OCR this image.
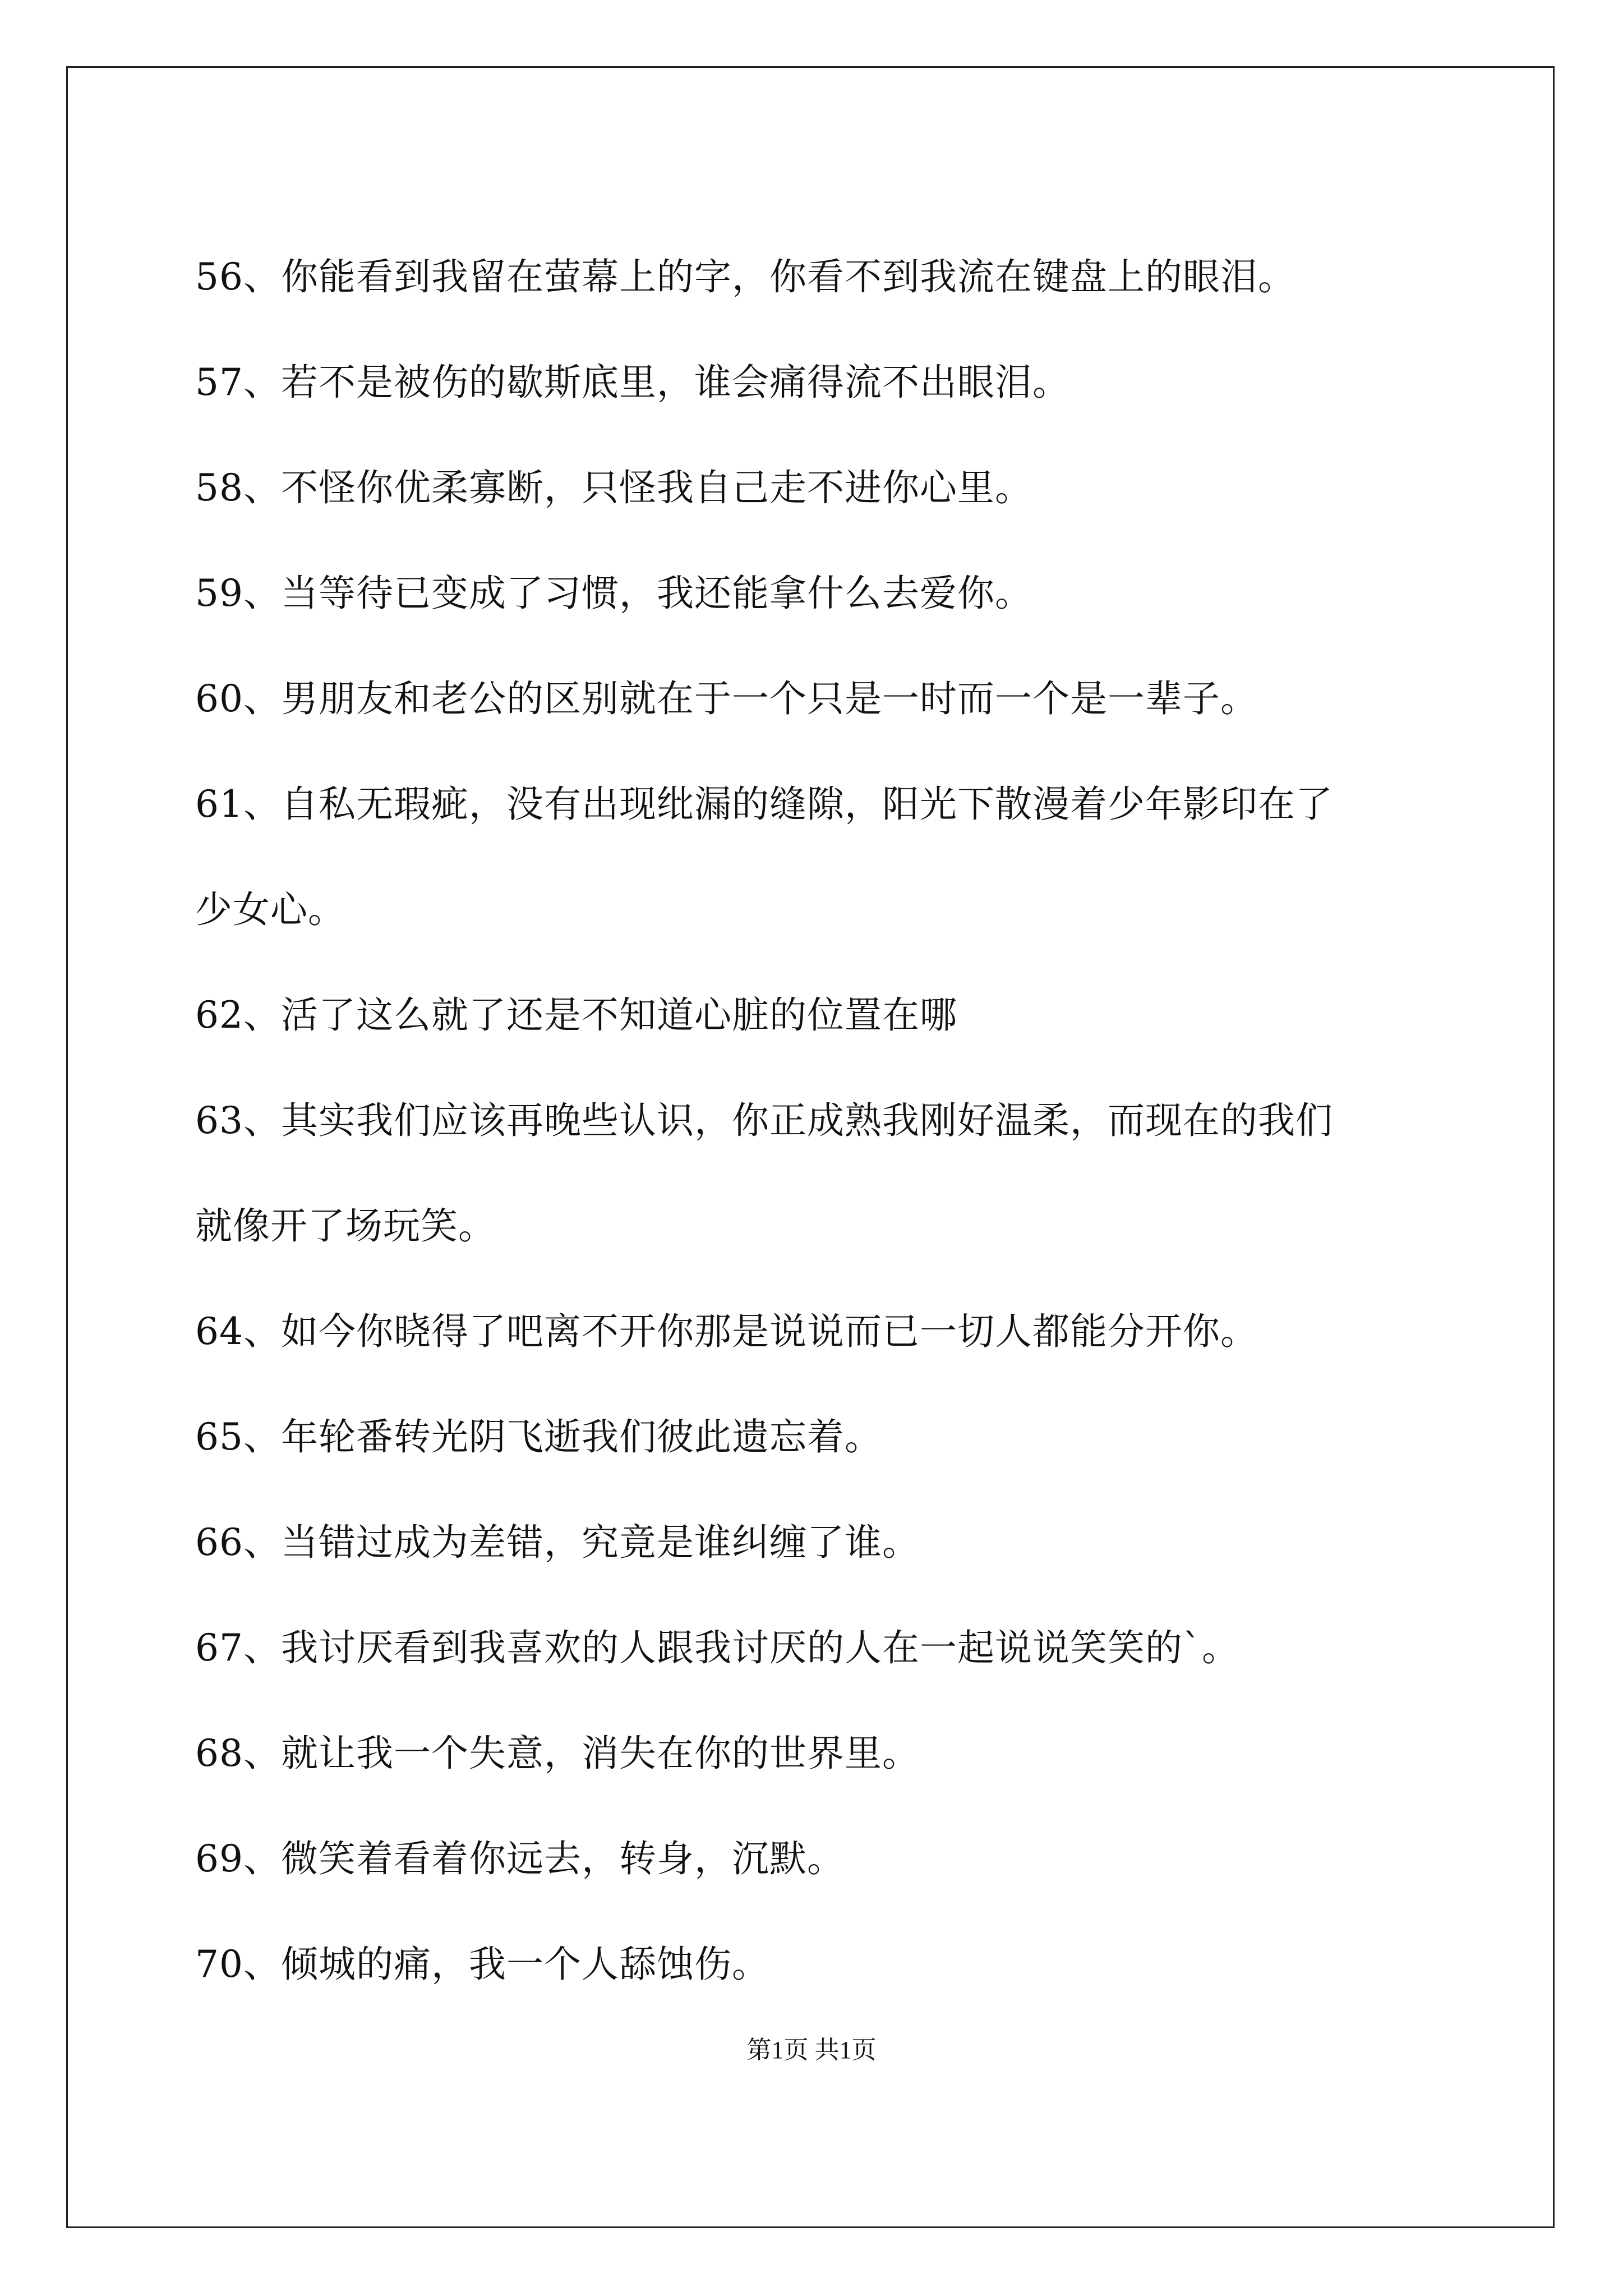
56、你能看到我留在萤幕上的字，你看不到我流在键盘上的眼泪。
57、若不是被伤的歇斯底里，谁会痛得流不出眼泪。
58、不怪你优柔寡断，只怪我自己走不进你心里。
59、当等待已变成了习惯，我还能拿什么去爱你。
60、男朋友和老公的区别就在于一个只是一时而一个是一辈子。
61、自私无瑕疵，没有出现纰漏的缝隙，阳光下散漫着少年影印在了
少女心。
62、活了这么就了还是不知道心脏的位置在哪
63、其实我们应该再晚些认识，你正成熟我刚好温柔，而现在的我们
就像开了场玩笑。
64、如今你晓得了吧离不开你那是说说而已一切人都能分开你。
65、年轮番转光阴飞逝我们彼此遗忘着。
66、当错过成为差错，究竟是谁纠缠了谁。
67、我讨厌看到我喜欢的人跟我讨厌的人在一起说说笑笑的`。
68、就让我一个失意，消失在你的世界里。
69、微笑着看着你远去，转身，沉默。
70、倾城的痛，我一个人舔蚀伤。
第1页 共1页
